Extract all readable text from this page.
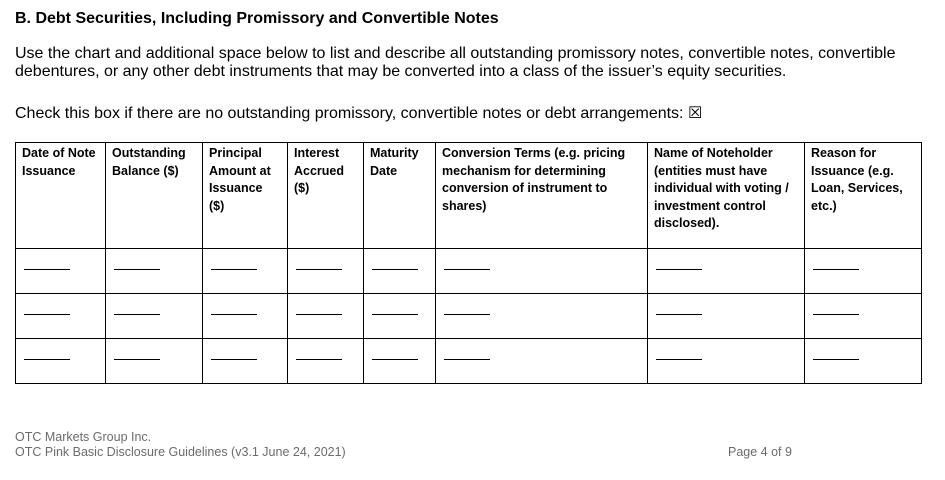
B. Debt Securities, Including Promissory and Convertible Notes
Use the chart and additional space below to list and describe all outstanding promissory notes, convertible notes, convertible debentures, or any other debt instruments that may be converted into a class of the issuer’s equity securities.
Check this box if there are no outstanding promissory, convertible notes or debt arrangements: ☒
Date of Note Issuance	Outstanding Balance ($)	Principal Amount at Issuance ($)	Interest Accrued ($)	Maturity Date	Conversion Terms (e.g. pricing mechanism for determining conversion of instrument to shares)	Name of Noteholder (entities must have individual with voting / investment control disclosed).	Reason for Issuance (e.g. Loan, Services, etc.)

OTC Markets Group Inc.
OTC Pink Basic Disclosure Guidelines (v3.1 June 24, 2021)	Page 4 of 9
